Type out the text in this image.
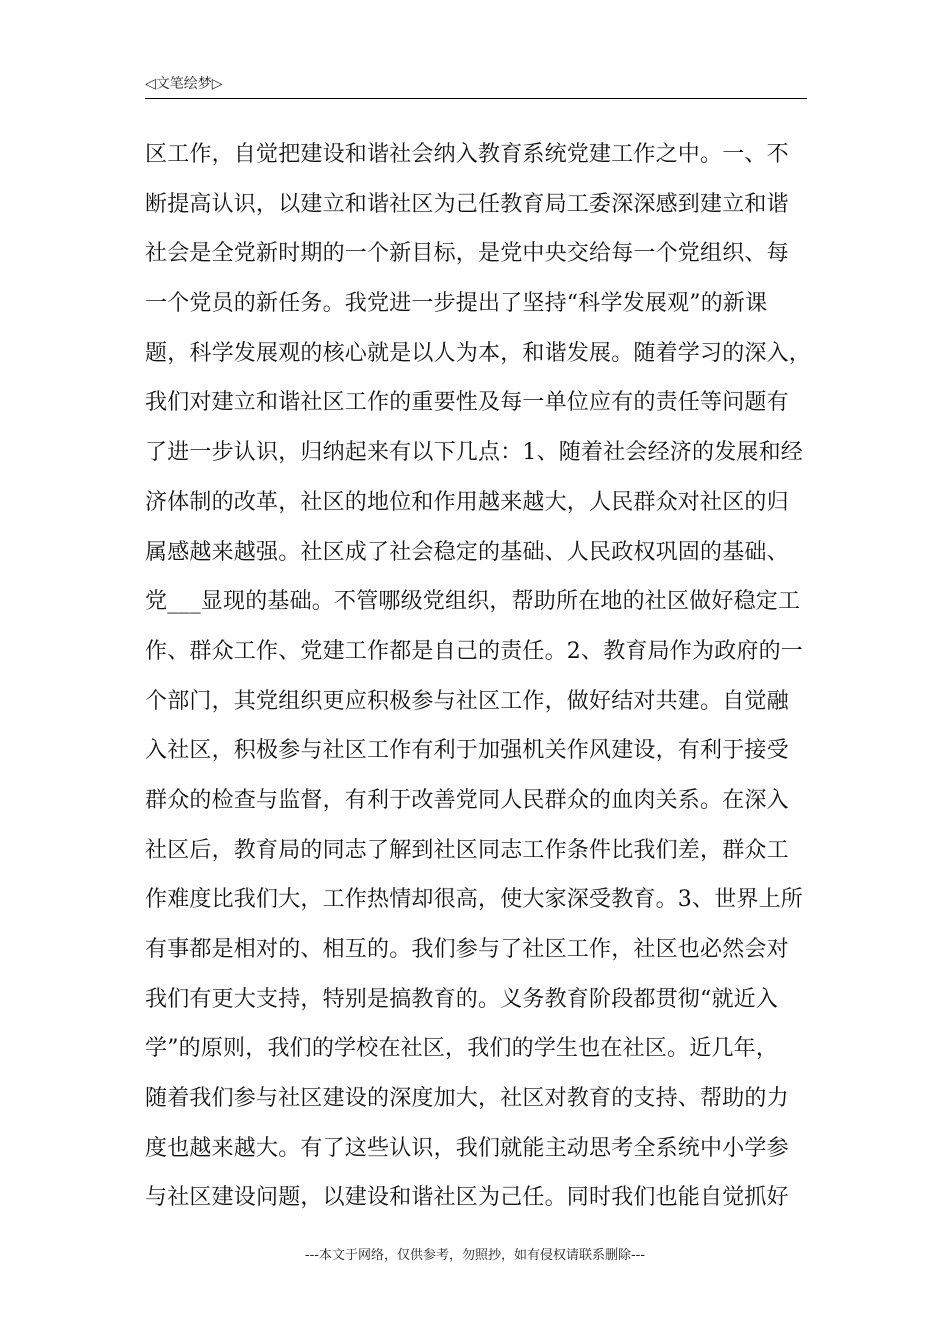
◁文笔绘梦▷
区工作，自觉把建设和谐社会纳入教育系统党建工作之中。一、不
断提高认识，以建立和谐社区为己任教育局工委深深感到建立和谐
社会是全党新时期的一个新目标，是党中央交给每一个党组织、每
一个党员的新任务。我党进一步提出了坚持“科学发展观”的新课
题，科学发展观的核心就是以人为本，和谐发展。随着学习的深入，
我们对建立和谐社区工作的重要性及每一单位应有的责任等问题有
了进一步认识，归纳起来有以下几点：1、随着社会经济的发展和经
济体制的改革，社区的地位和作用越来越大，人民群众对社区的归
属感越来越强。社区成了社会稳定的基础、人民政权巩固的基础、
党___显现的基础。不管哪级党组织，帮助所在地的社区做好稳定工
作、群众工作、党建工作都是自己的责任。2、教育局作为政府的一
个部门，其党组织更应积极参与社区工作，做好结对共建。自觉融
入社区，积极参与社区工作有利于加强机关作风建设，有利于接受
群众的检查与监督，有利于改善党同人民群众的血肉关系。在深入
社区后，教育局的同志了解到社区同志工作条件比我们差，群众工
作难度比我们大，工作热情却很高，使大家深受教育。3、世界上所
有事都是相对的、相互的。我们参与了社区工作，社区也必然会对
我们有更大支持，特别是搞教育的。义务教育阶段都贯彻“就近入
学”的原则，我们的学校在社区，我们的学生也在社区。近几年，
随着我们参与社区建设的深度加大，社区对教育的支持、帮助的力
度也越来越大。有了这些认识，我们就能主动思考全系统中小学参
与社区建设问题，以建设和谐社区为己任。同时我们也能自觉抓好
---本文于网络，仅供参考，勿照抄，如有侵权请联系删除---
